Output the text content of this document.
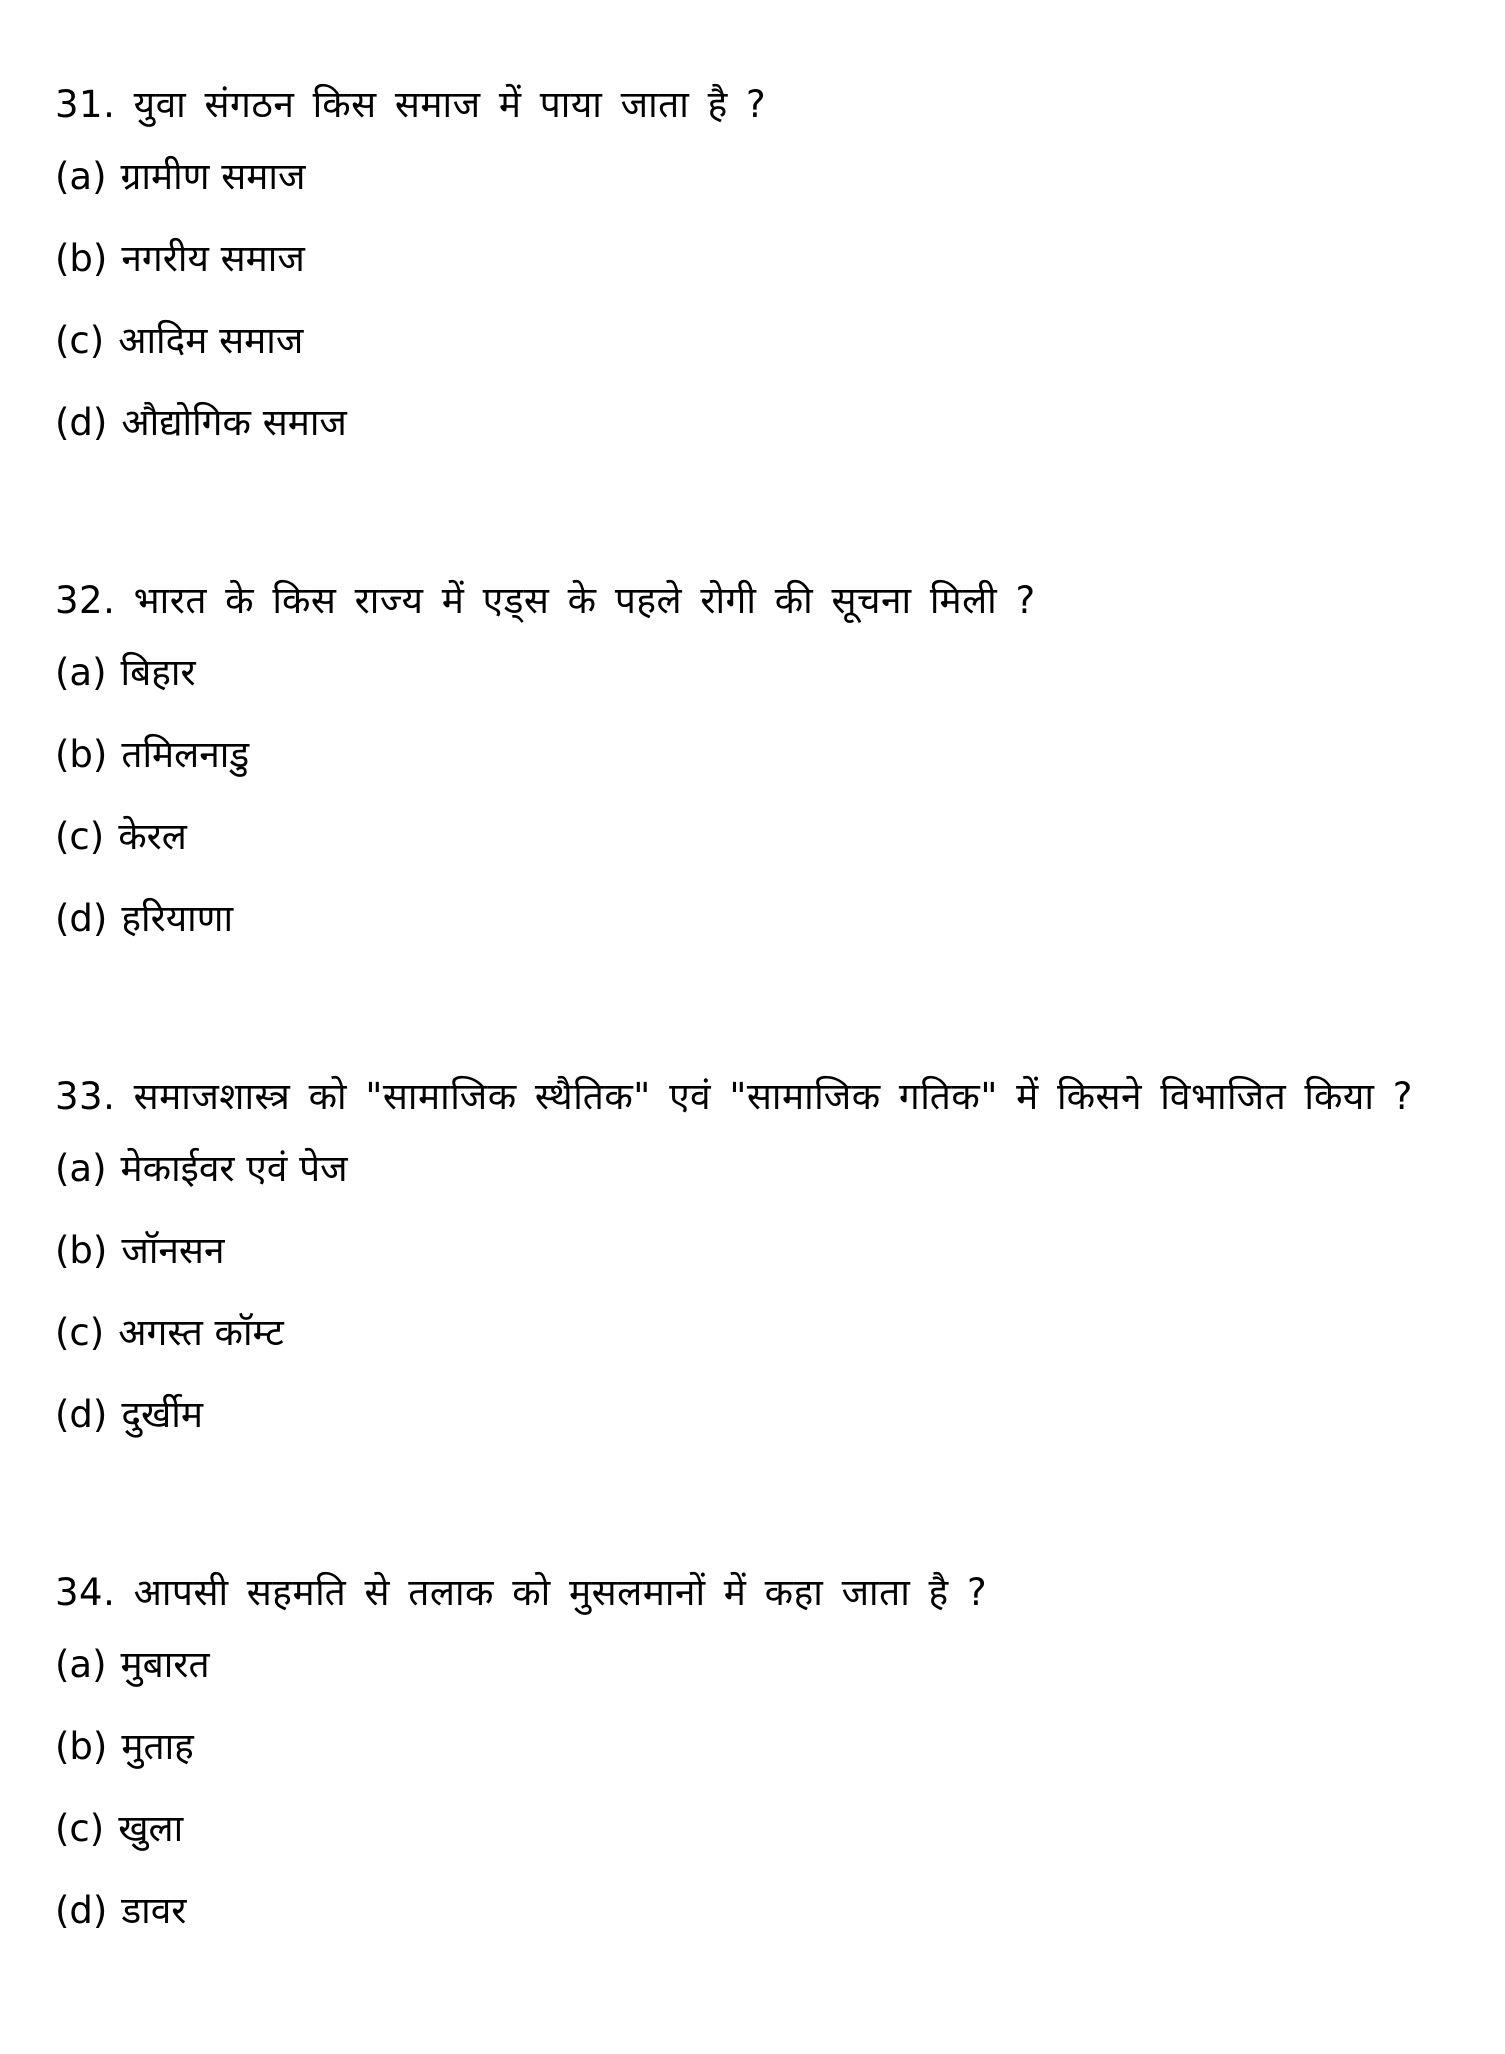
31. युवा संगठन किस समाज में पाया जाता है ?

(a) ग्रामीण समाज
(b) नगरीय समाज
(c) आदिम समाज
(d) औद्योगिक समाज

32. भारत के किस राज्य में एड्स के पहले रोगी की सूचना मिली ?

(a) बिहार
(b) तमिलनाडु
(c) केरल
(d) हरियाणा

33. समाजशास्त्र को "सामाजिक स्थैतिक" एवं "सामाजिक गतिक" में किसने विभाजित किया ?

(a) मेकाईवर एवं पेज
(b) जॉनसन
(c) अगस्त कॉम्ट
(d) दुर्खीम

34. आपसी सहमति से तलाक को मुसलमानों में कहा जाता है ?

(a) मुबारत
(b) मुताह
(c) खुला
(d) डावर
